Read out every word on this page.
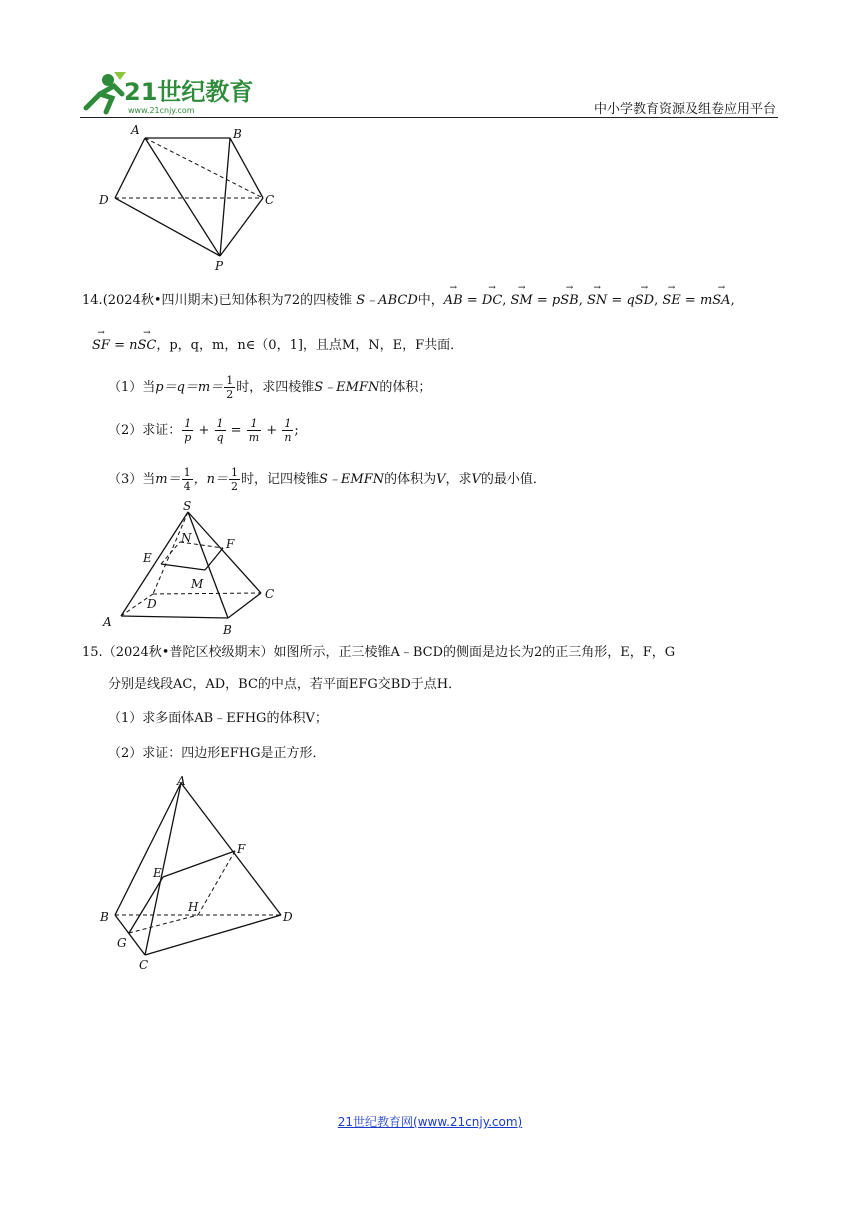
21世纪教育
www.21cnjy.com	中小学教育资源及组卷应用平台
A	B
C
D
P
14.(2024秋•四川期末)已知体积为72的四棱锥 S﹣ABCD中，→ AB = → DC, → SM = p→ SB, → SN = q→ SD, → SE = m→ SA,
→ SF = n→ SC，p，q，m，n∈（0，1]，且点M，N，E，F共面．
（1）当$p=q=m= \frac{1}{2}$ 时，求四棱锥S﹣EMFN的体积；
（2）求证： $\frac{1}{p} + \frac{1}{q} = \frac{1}{m} + \frac{1}{n}$ ;
（3）当$m= \frac{1}{4}$ ，$n= \frac{1}{2}$ 时，记四棱锥S﹣EMFN的体积为V，求V的最小值．
S
N	F
E
M
D
C
A
B
15.（2024秋•普陀区校级期末）如图所示，正三棱锥A﹣BCD的侧面是边长为2的正三角形，E，F，G
分别是线段AC，AD，BC的中点，若平面EFG交BD于点H．
（1）求多面体AB﹣EFHG的体积V；
（2）求证：四边形EFHG是正方形．
A
F
E
H
B	D
G
C
21世纪教育网(www.21cnjy.com)
